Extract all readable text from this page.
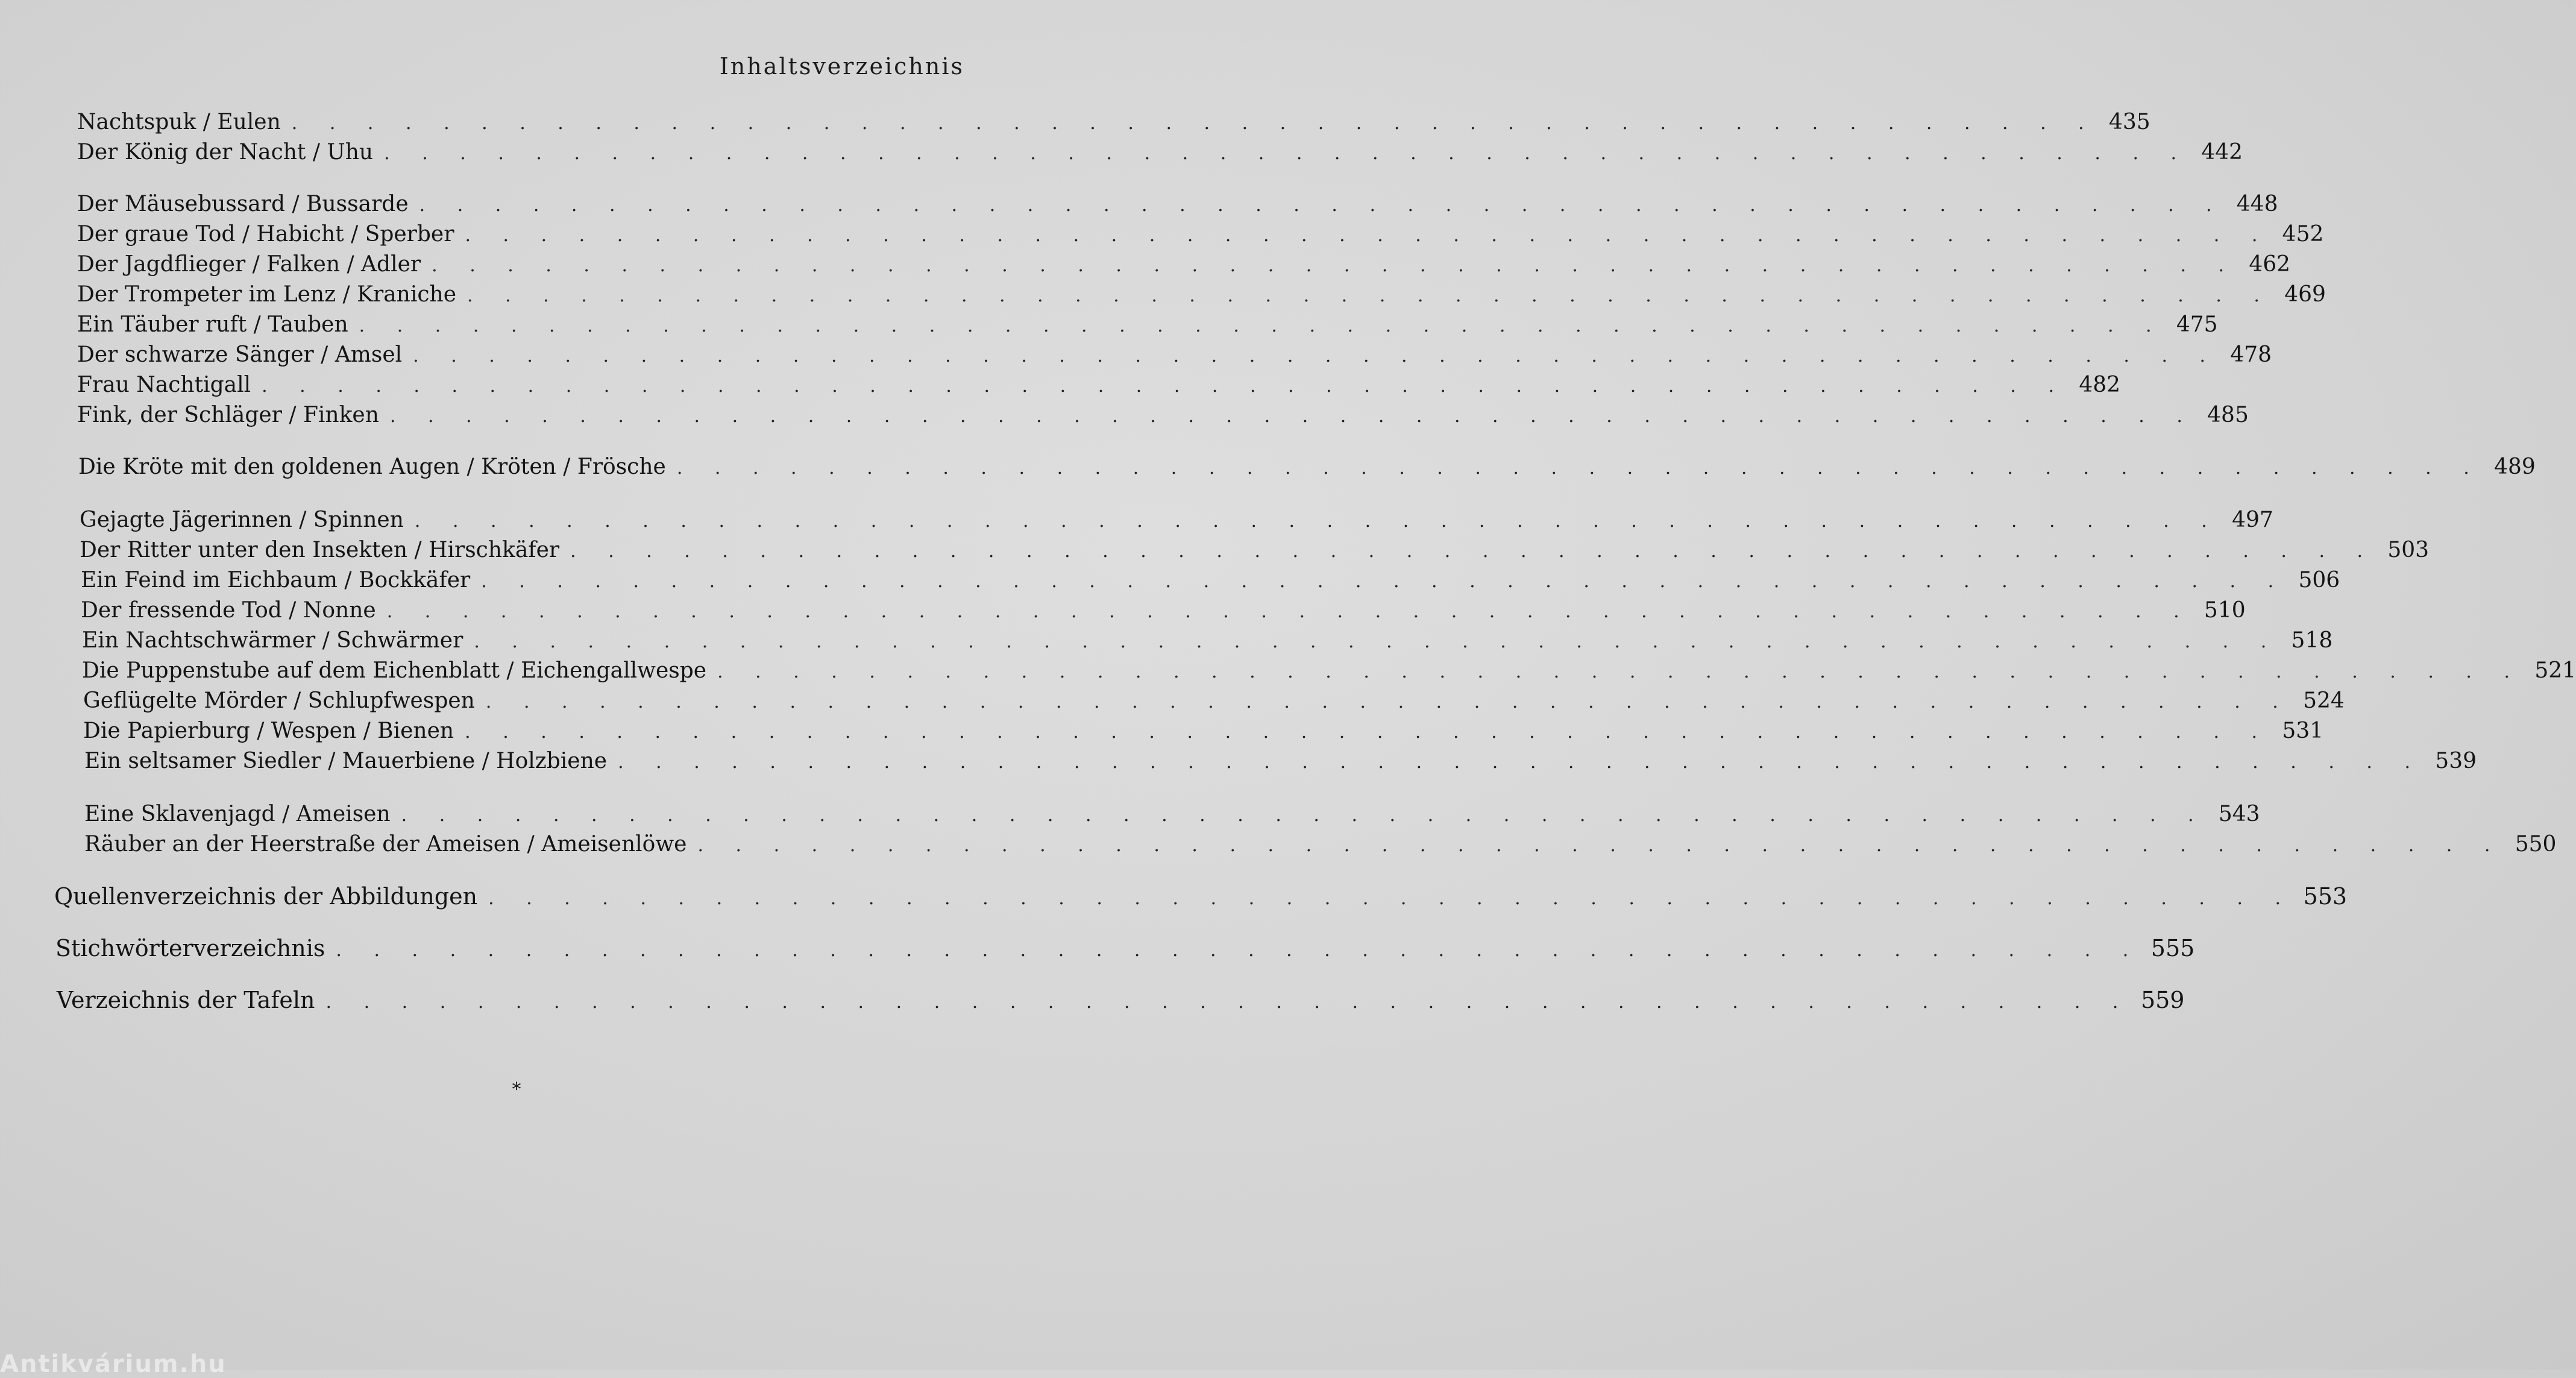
Inhaltsverzeichnis
Nachtspuk / Eulen . . . . . . . . . . . . . . . . . . . . . . . . . . . . . . . . . . . . . . . . . . . . . . . . 435
Der König der Nacht / Uhu . . . . . . . . . . . . . . . . . . . . . . . . . . . . . . . . . . . . . . . . . . . . . . . . 442
Der Mäusebussard / Bussarde . . . . . . . . . . . . . . . . . . . . . . . . . . . . . . . . . . . . . . . . . . . . . . . . 448
Der graue Tod / Habicht / Sperber . . . . . . . . . . . . . . . . . . . . . . . . . . . . . . . . . . . . . . . . . . . . . . . . 452
Der Jagdflieger / Falken / Adler . . . . . . . . . . . . . . . . . . . . . . . . . . . . . . . . . . . . . . . . . . . . . . . . 462
Der Trompeter im Lenz / Kraniche . . . . . . . . . . . . . . . . . . . . . . . . . . . . . . . . . . . . . . . . . . . . . . . . 469
Ein Täuber ruft / Tauben . . . . . . . . . . . . . . . . . . . . . . . . . . . . . . . . . . . . . . . . . . . . . . . . 475
Der schwarze Sänger / Amsel . . . . . . . . . . . . . . . . . . . . . . . . . . . . . . . . . . . . . . . . . . . . . . . . 478
Frau Nachtigall . . . . . . . . . . . . . . . . . . . . . . . . . . . . . . . . . . . . . . . . . . . . . . . . 482
Fink, der Schläger / Finken . . . . . . . . . . . . . . . . . . . . . . . . . . . . . . . . . . . . . . . . . . . . . . . . 485
Die Kröte mit den goldenen Augen / Kröten / Frösche . . . . . . . . . . . . . . . . . . . . . . . . . . . . . . . . . . . . . . . . . . . . . . . . 489
Gejagte Jägerinnen / Spinnen . . . . . . . . . . . . . . . . . . . . . . . . . . . . . . . . . . . . . . . . . . . . . . . . 497
Der Ritter unter den Insekten / Hirschkäfer . . . . . . . . . . . . . . . . . . . . . . . . . . . . . . . . . . . . . . . . . . . . . . . . 503
Ein Feind im Eichbaum / Bockkäfer . . . . . . . . . . . . . . . . . . . . . . . . . . . . . . . . . . . . . . . . . . . . . . . . 506
Der fressende Tod / Nonne . . . . . . . . . . . . . . . . . . . . . . . . . . . . . . . . . . . . . . . . . . . . . . . . 510
Ein Nachtschwärmer / Schwärmer . . . . . . . . . . . . . . . . . . . . . . . . . . . . . . . . . . . . . . . . . . . . . . . . 518
Die Puppenstube auf dem Eichenblatt / Eichengallwespe . . . . . . . . . . . . . . . . . . . . . . . . . . . . . . . . . . . . . . . . . . . . . . . . 521
Geflügelte Mörder / Schlupfwespen . . . . . . . . . . . . . . . . . . . . . . . . . . . . . . . . . . . . . . . . . . . . . . . . 524
Die Papierburg / Wespen / Bienen . . . . . . . . . . . . . . . . . . . . . . . . . . . . . . . . . . . . . . . . . . . . . . . . 531
Ein seltsamer Siedler / Mauerbiene / Holzbiene . . . . . . . . . . . . . . . . . . . . . . . . . . . . . . . . . . . . . . . . . . . . . . . . 539
Eine Sklavenjagd / Ameisen . . . . . . . . . . . . . . . . . . . . . . . . . . . . . . . . . . . . . . . . . . . . . . . . 543
Räuber an der Heerstraße der Ameisen / Ameisenlöwe . . . . . . . . . . . . . . . . . . . . . . . . . . . . . . . . . . . . . . . . . . . . . . . . 550
Quellenverzeichnis der Abbildungen . . . . . . . . . . . . . . . . . . . . . . . . . . . . . . . . . . . . . . . . . . . . . . . . 553
Stichwörterverzeichnis . . . . . . . . . . . . . . . . . . . . . . . . . . . . . . . . . . . . . . . . . . . . . . . . 555
Verzeichnis der Tafeln . . . . . . . . . . . . . . . . . . . . . . . . . . . . . . . . . . . . . . . . . . . . . . . . 559
*
Antikvárium.hu
